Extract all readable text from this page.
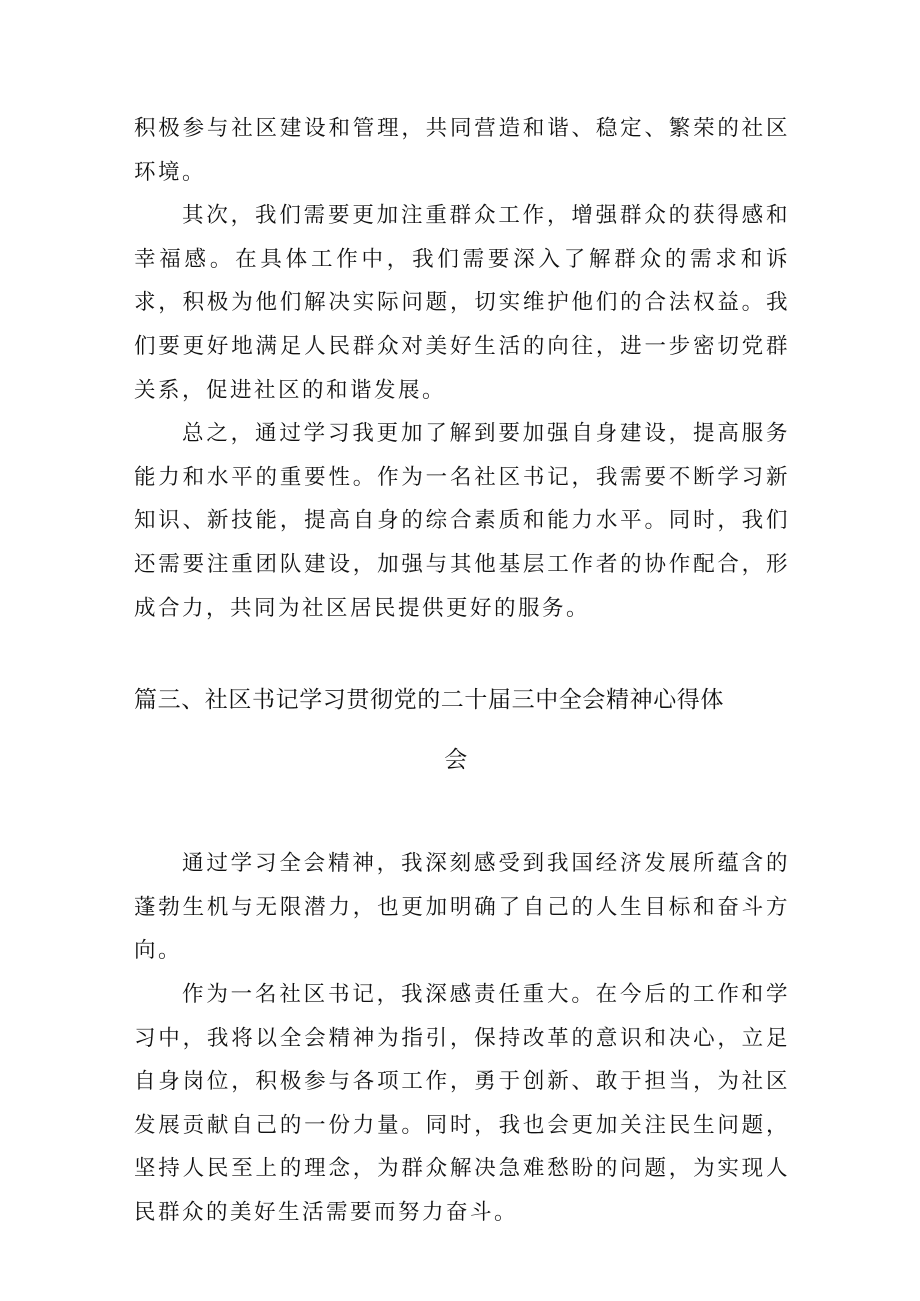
积极参与社区建设和管理，共同营造和谐、稳定、繁荣的社区环境。

其次，我们需要更加注重群众工作，增强群众的获得感和幸福感。在具体工作中，我们需要深入了解群众的需求和诉求，积极为他们解决实际问题，切实维护他们的合法权益。我们要更好地满足人民群众对美好生活的向往，进一步密切党群关系，促进社区的和谐发展。

总之，通过学习我更加了解到要加强自身建设，提高服务能力和水平的重要性。作为一名社区书记，我需要不断学习新知识、新技能，提高自身的综合素质和能力水平。同时，我们还需要注重团队建设，加强与其他基层工作者的协作配合，形成合力，共同为社区居民提供更好的服务。

篇三、社区书记学习贯彻党的二十届三中全会精神心得体
会

通过学习全会精神，我深刻感受到我国经济发展所蕴含的蓬勃生机与无限潜力，也更加明确了自己的人生目标和奋斗方向。

作为一名社区书记，我深感责任重大。在今后的工作和学习中，我将以全会精神为指引，保持改革的意识和决心，立足自身岗位，积极参与各项工作，勇于创新、敢于担当，为社区发展贡献自己的一份力量。同时，我也会更加关注民生问题，坚持人民至上的理念，为群众解决急难愁盼的问题，为实现人民群众的美好生活需要而努力奋斗。
